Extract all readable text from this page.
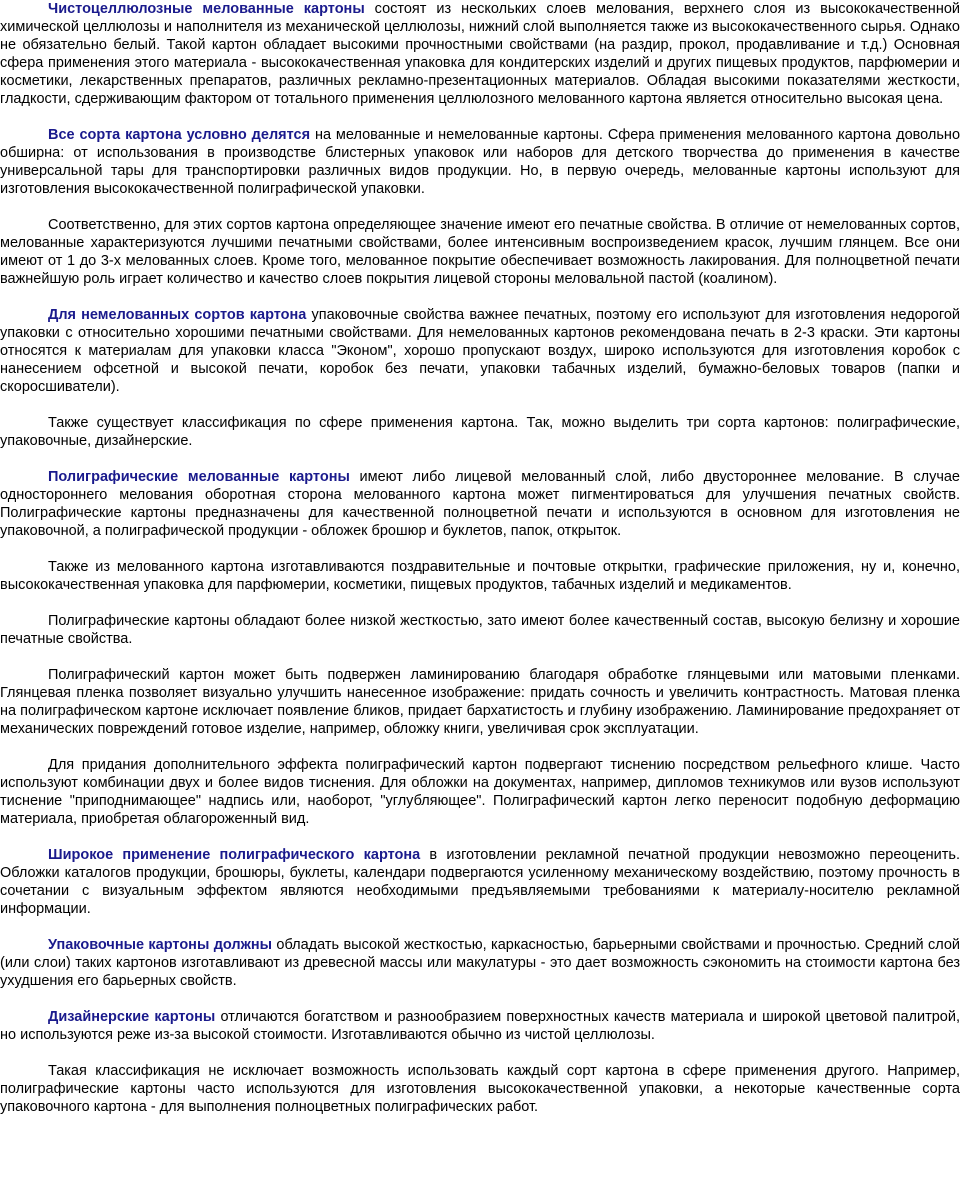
Чистоцеллюлозные мелованные картоны состоят из нескольких слоев мелования, верхнего слоя из высококачественной химической целлюлозы и наполнителя из механической целлюлозы, нижний слой выполняется также из высококачественного сырья. Однако не обязательно белый. Такой картон обладает высокими прочностными свойствами (на раздир, прокол, продавливание и т.д.) Основная сфера применения этого материала - высококачественная упаковка для кондитерских изделий и других пищевых продуктов, парфюмерии и косметики, лекарственных препаратов, различных рекламно-презентационных материалов. Обладая высокими показателями жесткости, гладкости, сдерживающим фактором от тотального применения целлюлозного мелованного картона является относительно высокая цена.

Все сорта картона условно делятся на мелованные и немелованные картоны. Сфера применения мелованного картона довольно обширна: от использования в производстве блистерных упаковок или наборов для детского творчества до применения в качестве универсальной тары для транспортировки различных видов продукции. Но, в первую очередь, мелованные картоны используют для изготовления высококачественной полиграфической упаковки.

Соответственно, для этих сортов картона определяющее значение имеют его печатные свойства. В отличие от немелованных сортов, мелованные характеризуются лучшими печатными свойствами, более интенсивным воспроизведением красок, лучшим глянцем. Все они имеют от 1 до 3-х мелованных слоев. Кроме того, мелованное покрытие обеспечивает возможность лакирования. Для полноцветной печати важнейшую роль играет количество и качество слоев покрытия лицевой стороны меловальной пастой (коалином).

Для немелованных сортов картона упаковочные свойства важнее печатных, поэтому его используют для изготовления недорогой упаковки с относительно хорошими печатными свойствами. Для немелованных картонов рекомендована печать в 2-3 краски. Эти картоны относятся к материалам для упаковки класса "Эконом", хорошо пропускают воздух, широко используются для изготовления коробок с нанесением офсетной и высокой печати, коробок без печати, упаковки табачных изделий, бумажно-беловых товаров (папки и скоросшиватели).

Также существует классификация по сфере применения картона. Так, можно выделить три сорта картонов: полиграфические, упаковочные, дизайнерские.

Полиграфические мелованные картоны имеют либо лицевой мелованный слой, либо двустороннее мелование. В случае одностороннего мелования оборотная сторона мелованного картона может пигментироваться для улучшения печатных свойств. Полиграфические картоны предназначены для качественной полноцветной печати и используются в основном для изготовления не упаковочной, а полиграфической продукции - обложек брошюр и буклетов, папок, открыток.

Также из мелованного картона изготавливаются поздравительные и почтовые открытки, графические приложения, ну и, конечно, высококачественная упаковка для парфюмерии, косметики, пищевых продуктов, табачных изделий и медикаментов.

Полиграфические картоны обладают более низкой жесткостью, зато имеют более качественный состав, высокую белизну и хорошие печатные свойства.

Полиграфический картон может быть подвержен ламинированию благодаря обработке глянцевыми или матовыми пленками. Глянцевая пленка позволяет визуально улучшить нанесенное изображение: придать сочность и увеличить контрастность. Матовая пленка на полиграфическом картоне исключает появление бликов, придает бархатистость и глубину изображению. Ламинирование предохраняет от механических повреждений готовое изделие, например, обложку книги, увеличивая срок эксплуатации.

Для придания дополнительного эффекта полиграфический картон подвергают тиснению посредством рельефного клише. Часто используют комбинации двух и более видов тиснения. Для обложки на документах, например, дипломов техникумов или вузов используют тиснение "приподнимающее" надпись или, наоборот, "углубляющее". Полиграфический картон легко переносит подобную деформацию материала, приобретая облагороженный вид.

Широкое применение полиграфического картона в изготовлении рекламной печатной продукции невозможно переоценить. Обложки каталогов продукции, брошюры, буклеты, календари подвергаются усиленному механическому воздействию, поэтому прочность в сочетании с визуальным эффектом являются необходимыми предъявляемыми требованиями к материалу-носителю рекламной информации.

Упаковочные картоны должны обладать высокой жесткостью, каркасностью, барьерными свойствами и прочностью. Средний слой (или слои) таких картонов изготавливают из древесной массы или макулатуры - это дает возможность сэкономить на стоимости картона без ухудшения его барьерных свойств.

Дизайнерские картоны отличаются богатством и разнообразием поверхностных качеств материала и широкой цветовой палитрой, но используются реже из-за высокой стоимости. Изготавливаются обычно из чистой целлюлозы.

Такая классификация не исключает возможность использовать каждый сорт картона в сфере применения другого. Например, полиграфические картоны часто используются для изготовления высококачественной упаковки, а некоторые качественные сорта упаковочного картона - для выполнения полноцветных полиграфических работ.
